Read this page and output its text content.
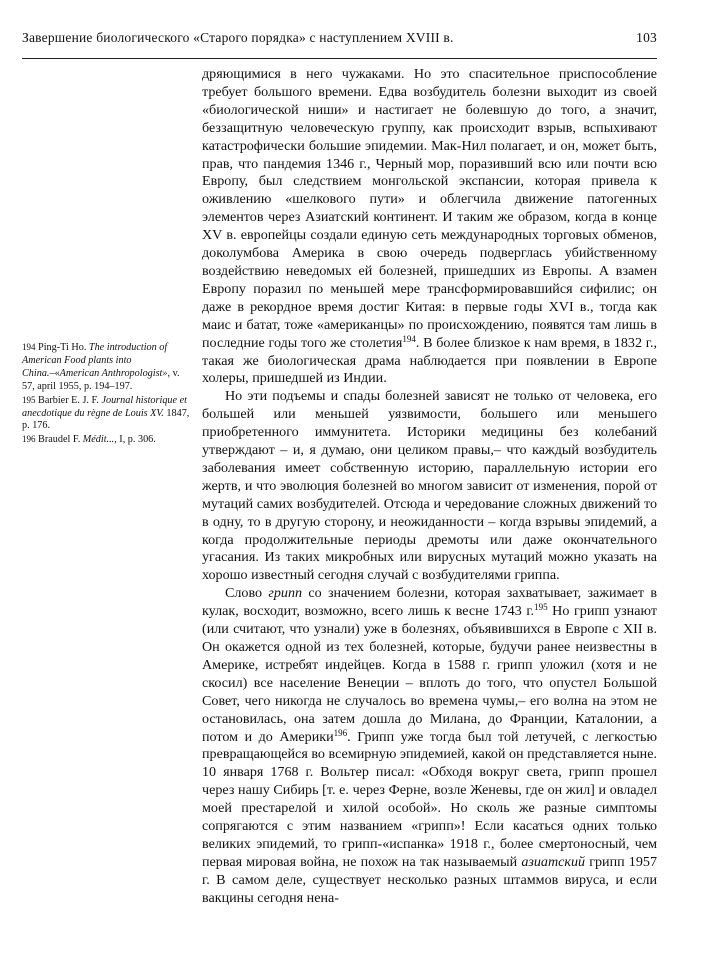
Завершение биологического «Старого порядка» с наступлением XVIII в.	103

194 Ping-Ti Ho. The introduction of American Food plants into China.–«American Anthropologist», v. 57, april 1955, p. 194–197.

195 Barbier E. J. F. Journal historique et anecdotique du règne de Louis XV. 1847, p. 176.

196 Braudel F. Médit..., I, p. 306.

дряющимися в него чужаками. Но это спасительное приспособление требует большого времени. Едва возбудитель болезни выходит из своей «биологической ниши» и настигает не болевшую до того, а значит, беззащитную человеческую группу, как происходит взрыв, вспыхивают катастрофически большие эпидемии. Мак-Нил полагает, и он, может быть, прав, что пандемия 1346 г., Черный мор, поразивший всю или почти всю Европу, был следствием монгольской экспансии, которая привела к оживлению «шелкового пути» и облегчила движение патогенных элементов через Азиатский континент. И таким же образом, когда в конце XV в. европейцы создали единую сеть международных торговых обменов, доколумбова Америка в свою очередь подверглась убийственному воздействию неведомых ей болезней, пришедших из Европы. А взамен Европу поразил по меньшей мере трансформировавшийся сифилис; он даже в рекордное время достиг Китая: в первые годы XVI в., тогда как маис и батат, тоже «американцы» по происхождению, появятся там лишь в последние годы того же столетия$^{194}$. В более близкое к нам время, в 1832 г., такая же биологическая драма наблюдается при появлении в Европе холеры, пришедшей из Индии.

Но эти подъемы и спады болезней зависят не только от человека, его большей или меньшей уязвимости, большего или меньшего приобретенного иммунитета. Историки медицины без колебаний утверждают – и, я думаю, они целиком правы,– что каждый возбудитель заболевания имеет собственную историю, параллельную истории его жертв, и что эволюция болезней во многом зависит от изменения, порой от мутаций самих возбудителей. Отсюда и чередование сложных движений то в одну, то в другую сторону, и неожиданности – когда взрывы эпидемий, а когда продолжительные периоды дремоты или даже окончательного угасания. Из таких микробных или вирусных мутаций можно указать на хорошо известный сегодня случай с возбудителями гриппа.

Слово грипп со значением болезни, которая захватывает, зажимает в кулак, восходит, возможно, всего лишь к весне 1743 г.$^{195}$ Но грипп узнают (или считают, что узнали) уже в болезнях, объявившихся в Европе с XII в. Он окажется одной из тех болезней, которые, будучи ранее неизвестны в Америке, истребят индейцев. Когда в 1588 г. грипп уложил (хотя и не скосил) все население Венеции – вплоть до того, что опустел Большой Совет, чего никогда не случалось во времена чумы,– его волна на этом не остановилась, она затем дошла до Милана, до Франции, Каталонии, а потом и до Америки$^{196}$. Грипп уже тогда был той летучей, с легкостью превращающейся во всемирную эпидемией, какой он представляется ныне. 10 января 1768 г. Вольтер писал: «Обходя вокруг света, грипп прошел через нашу Сибирь [т. е. через Ферне, возле Женевы, где он жил] и овладел моей престарелой и хилой особой». Но сколь же разные симптомы сопрягаются с этим названием «грипп»! Если касаться одних только великих эпидемий, то грипп-«испанка» 1918 г., более смертоносный, чем первая мировая война, не похож на так называемый азиатский грипп 1957 г. В самом деле, существует несколько разных штаммов вируса, и если вакцины сегодня нена-
